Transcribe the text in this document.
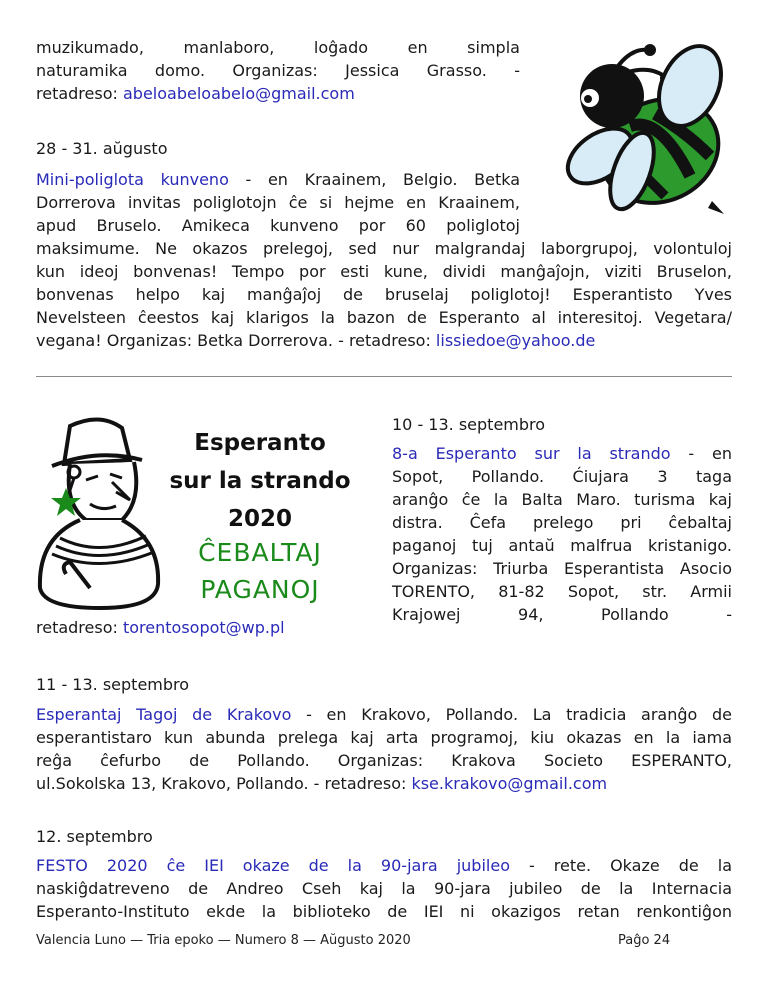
muzikumado, manlaboro, loĝado en simpla
naturamika domo. Organizas: Jessica Grasso. -
retadreso: abeloabeloabelo@gmail.com
28 - 31. aŭgusto
Mini-poliglota kunveno - en Kraainem, Belgio. Betka
Dorrerova invitas poliglotojn ĉe si hejme en Kraainem,
apud Bruselo. Amikeca kunveno por 60 poliglotoj
maksimume. Ne okazos prelegoj, sed nur malgrandaj laborgrupoj, volontuloj
kun ideoj bonvenas! Tempo por esti kune, dividi manĝaĵojn, viziti Bruselon,
bonvenas helpo kaj manĝaĵoj de bruselaj poliglotoj! Esperantisto Yves
Nevelsteen ĉeestos kaj klarigos la bazon de Esperanto al interesitoj. Vegetara/
vegana! Organizas: Betka Dorrerova. - retadreso: lissiedoe@yahoo.de
Esperanto
sur la strando
2020
ĈEBALTAJ
PAGANOJ
10 - 13. septembro
8-a Esperanto sur la strando - en
Sopot, Pollando. Ćiujara 3 taga
aranĝo ĉe la Balta Maro. turisma kaj
distra. Ĉefa prelego pri ĉebaltaj
paganoj tuj antaŭ malfrua kristanigo.
Organizas: Triurba Esperantista Asocio
TORENTO, 81-82 Sopot, str. Armii
Krajowej	94,	Pollando	-
retadreso: torentosopot@wp.pl
11 - 13. septembro
Esperantaj Tagoj de Krakovo - en Krakovo, Pollando. La tradicia aranĝo de
esperantistaro kun abunda prelega kaj arta programoj, kiu okazas en la iama
reĝa ĉefurbo de Pollando. Organizas: Krakova Societo ESPERANTO,
ul.Sokolska 13, Krakovo, Pollando. - retadreso: kse.krakovo@gmail.com
12. septembro
FESTO 2020 ĉe IEI okaze de la 90-jara jubileo - rete. Okaze de la
naskiĝdatreveno de Andreo Cseh kaj la 90-jara jubileo de la Internacia
Esperanto-Instituto ekde la biblioteko de IEI ni okazigos retan renkontiĝon
Valencia Luno — Tria epoko — Numero 8 — Aŭgusto 2020	Paĝo 24
